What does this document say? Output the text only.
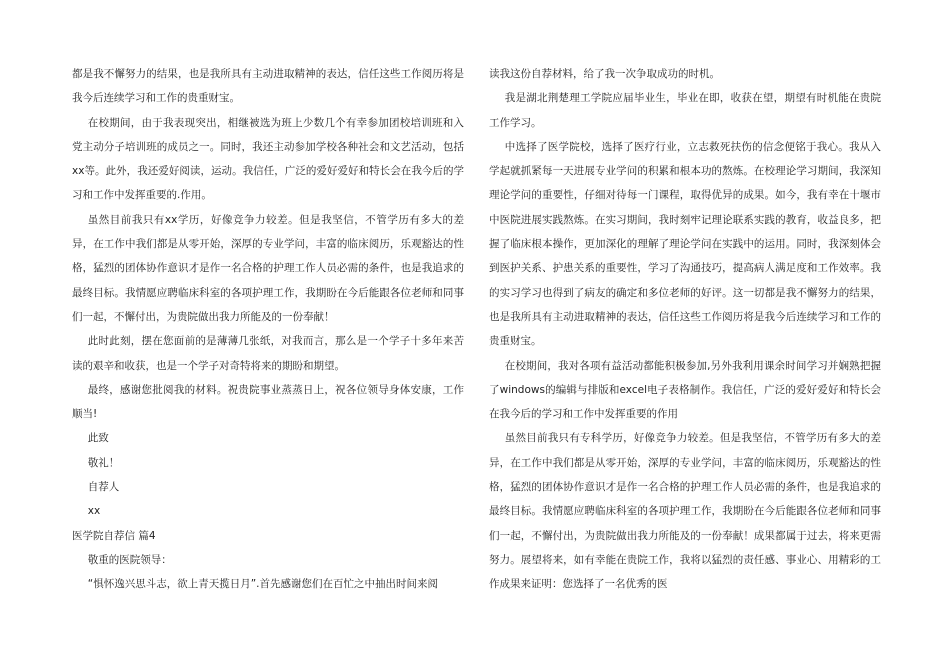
都是我不懈努力的结果，也是我所具有主动进取精神的表达，信任这些工作阅历将是我今后连续学习和工作的贵重财宝。

在校期间，由于我表现突出，相继被选为班上少数几个有幸参加团校培训班和入党主动分子培训班的成员之一。同时，我还主动参加学校各种社会和文艺活动，包括xx等。此外，我还爱好阅读，运动。我信任，广泛的爱好爱好和特长会在我今后的学习和工作中发挥重要的.作用。

虽然目前我只有xx学历，好像竞争力较差。但是我坚信，不管学历有多大的差异，在工作中我们都是从零开始，深厚的专业学问，丰富的临床阅历，乐观豁达的性格，猛烈的团体协作意识才是作一名合格的护理工作人员必需的条件，也是我追求的最终目标。我情愿应聘临床科室的各项护理工作，我期盼在今后能跟各位老师和同事们一起，不懈付出，为贵院做出我力所能及的一份奉献！

此时此刻，摆在您面前的是薄薄几张纸，对我而言，那么是一个学子十多年来苦读的艰辛和收获，也是一个学子对奇特将来的期盼和期望。

最终，感谢您批阅我的材料。祝贵院事业蒸蒸日上，祝各位领导身体安康，工作顺当!

此致

敬礼！

自荐人

xx

医学院自荐信 篇4

敬重的医院领导：

“惧怀逸兴思斗志，欲上青天揽日月”.首先感谢您们在百忙之中抽出时间来阅

读我这份自荐材料，给了我一次争取成功的时机。

我是湖北荆楚理工学院应届毕业生，毕业在即，收获在望，期望有时机能在贵院工作学习。

中选择了医学院校，选择了医疗行业，立志救死扶伤的信念便铭于我心。我从入学起就抓紧每一天进展专业学问的积累和根本功的熬炼。在校理论学习期间，我深知理论学问的重要性，仔细对待每一门课程，取得优异的成果。如今，我有幸在十堰市中医院进展实践熬炼。在实习期间，我时刻牢记理论联系实践的教育，收益良多，把握了临床根本操作，更加深化的理解了理论学问在实践中的运用。同时，我深刻体会到医护关系、护患关系的重要性，学习了沟通技巧，提高病人满足度和工作效率。我的实习学习也得到了病友的确定和多位老师的好评。这一切都是我不懈努力的结果，也是我所具有主动进取精神的表达，信任这些工作阅历将是我今后连续学习和工作的贵重财宝。

在校期间，我对各项有益活动都能积极参加,另外我利用课余时间学习并娴熟把握了windows的编辑与排版和excel电子表格制作。我信任，广泛的爱好爱好和特长会在我今后的学习和工作中发挥重要的作用

虽然目前我只有专科学历，好像竞争力较差。但是我坚信，不管学历有多大的差异，在工作中我们都是从零开始，深厚的专业学问，丰富的临床阅历，乐观豁达的性格，猛烈的团体协作意识才是作一名合格的护理工作人员必需的条件，也是我追求的最终目标。我情愿应聘临床科室的各项护理工作，我期盼在今后能跟各位老师和同事们一起，不懈付出，为贵院做出我力所能及的一份奉献！成果都属于过去，将来更需努力。展望将来，如有幸能在贵院工作，我将以猛烈的责任感、事业心、用精彩的工作成果来证明：您选择了一名优秀的医
